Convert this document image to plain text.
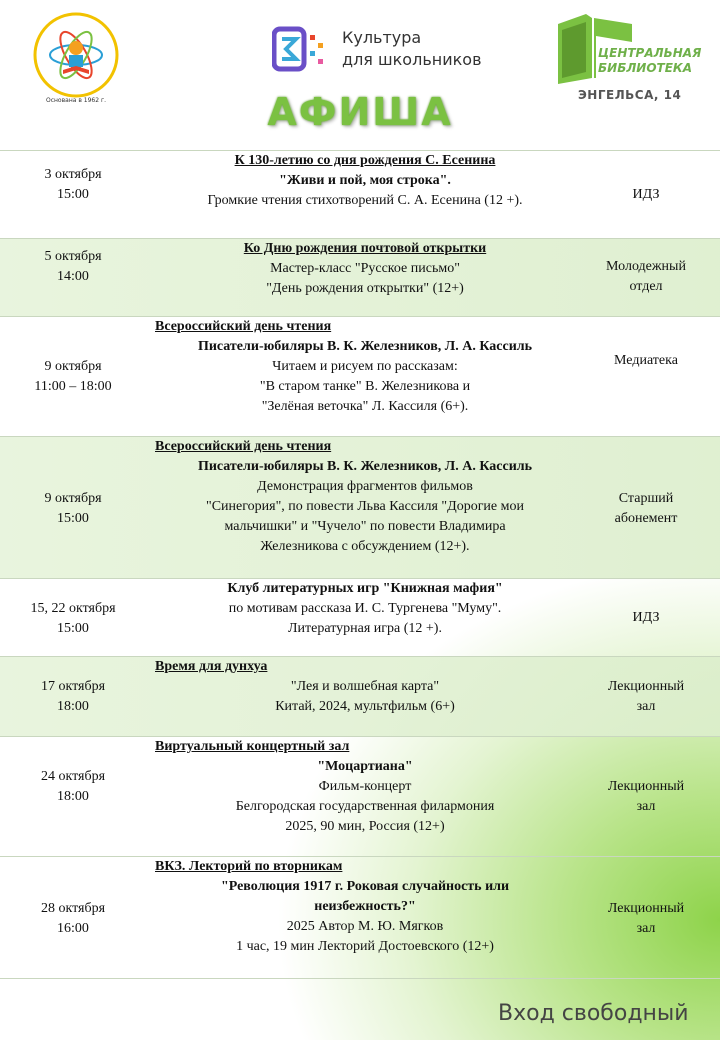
Основана в 1962 г.
Культура
для школьников	ЦЕНТРАЛЬНАЯ
БИБЛИОТЕКА
ЭНГЕЛЬСА, 14
АФИША
3 октября
15:00
К 130-летию со дня рождения С. Есенина
"Живи и пой, моя строка".
Громкие чтения стихотворений С. А. Есенина (12 +).	ИДЗ
5 октября
14:00
Ко Дню рождения почтовой открытки
Мастер-класс "Русское письмо"
"День рождения открытки" (12+)
Молодежный
отдел
9 октября
11:00 – 18:00
Всероссийский день чтения
Писатели-юбиляры В. К. Железников, Л. А. Кассиль
Читаем и рисуем по рассказам:
"В старом танке" В. Железникова и
"Зелёная веточка" Л. Кассиля (6+).
Медиатека
9 октября
15:00
Всероссийский день чтения
Писатели-юбиляры В. К. Железников, Л. А. Кассиль
Демонстрация фрагментов фильмов
"Синегория", по повести Льва Кассиля "Дорогие мои
мальчишки" и "Чучело" по повести Владимира
Железникова с обсуждением (12+).
Старший
абонемент
15, 22 октября
15:00
Клуб литературных игр "Книжная мафия"
по мотивам рассказа И. С. Тургенева "Муму".
Литературная игра (12 +).
ИДЗ
17 октября
18:00
Время для дунхуа
"Лея и волшебная карта"
Китай, 2024, мультфильм (6+)
Лекционный
зал
24 октября
18:00
Виртуальный концертный зал
"Моцартиана"
Фильм-концерт
Белгородская государственная филармония
2025, 90 мин, Россия (12+)
Лекционный
зал
28 октября
16:00
ВКЗ. Лекторий по вторникам
"Революция 1917 г. Роковая случайность или
неизбежность?"
2025 Автор М. Ю. Мягков
1 час, 19 мин Лекторий Достоевского (12+)
Лекционный
зал
Вход свободный
